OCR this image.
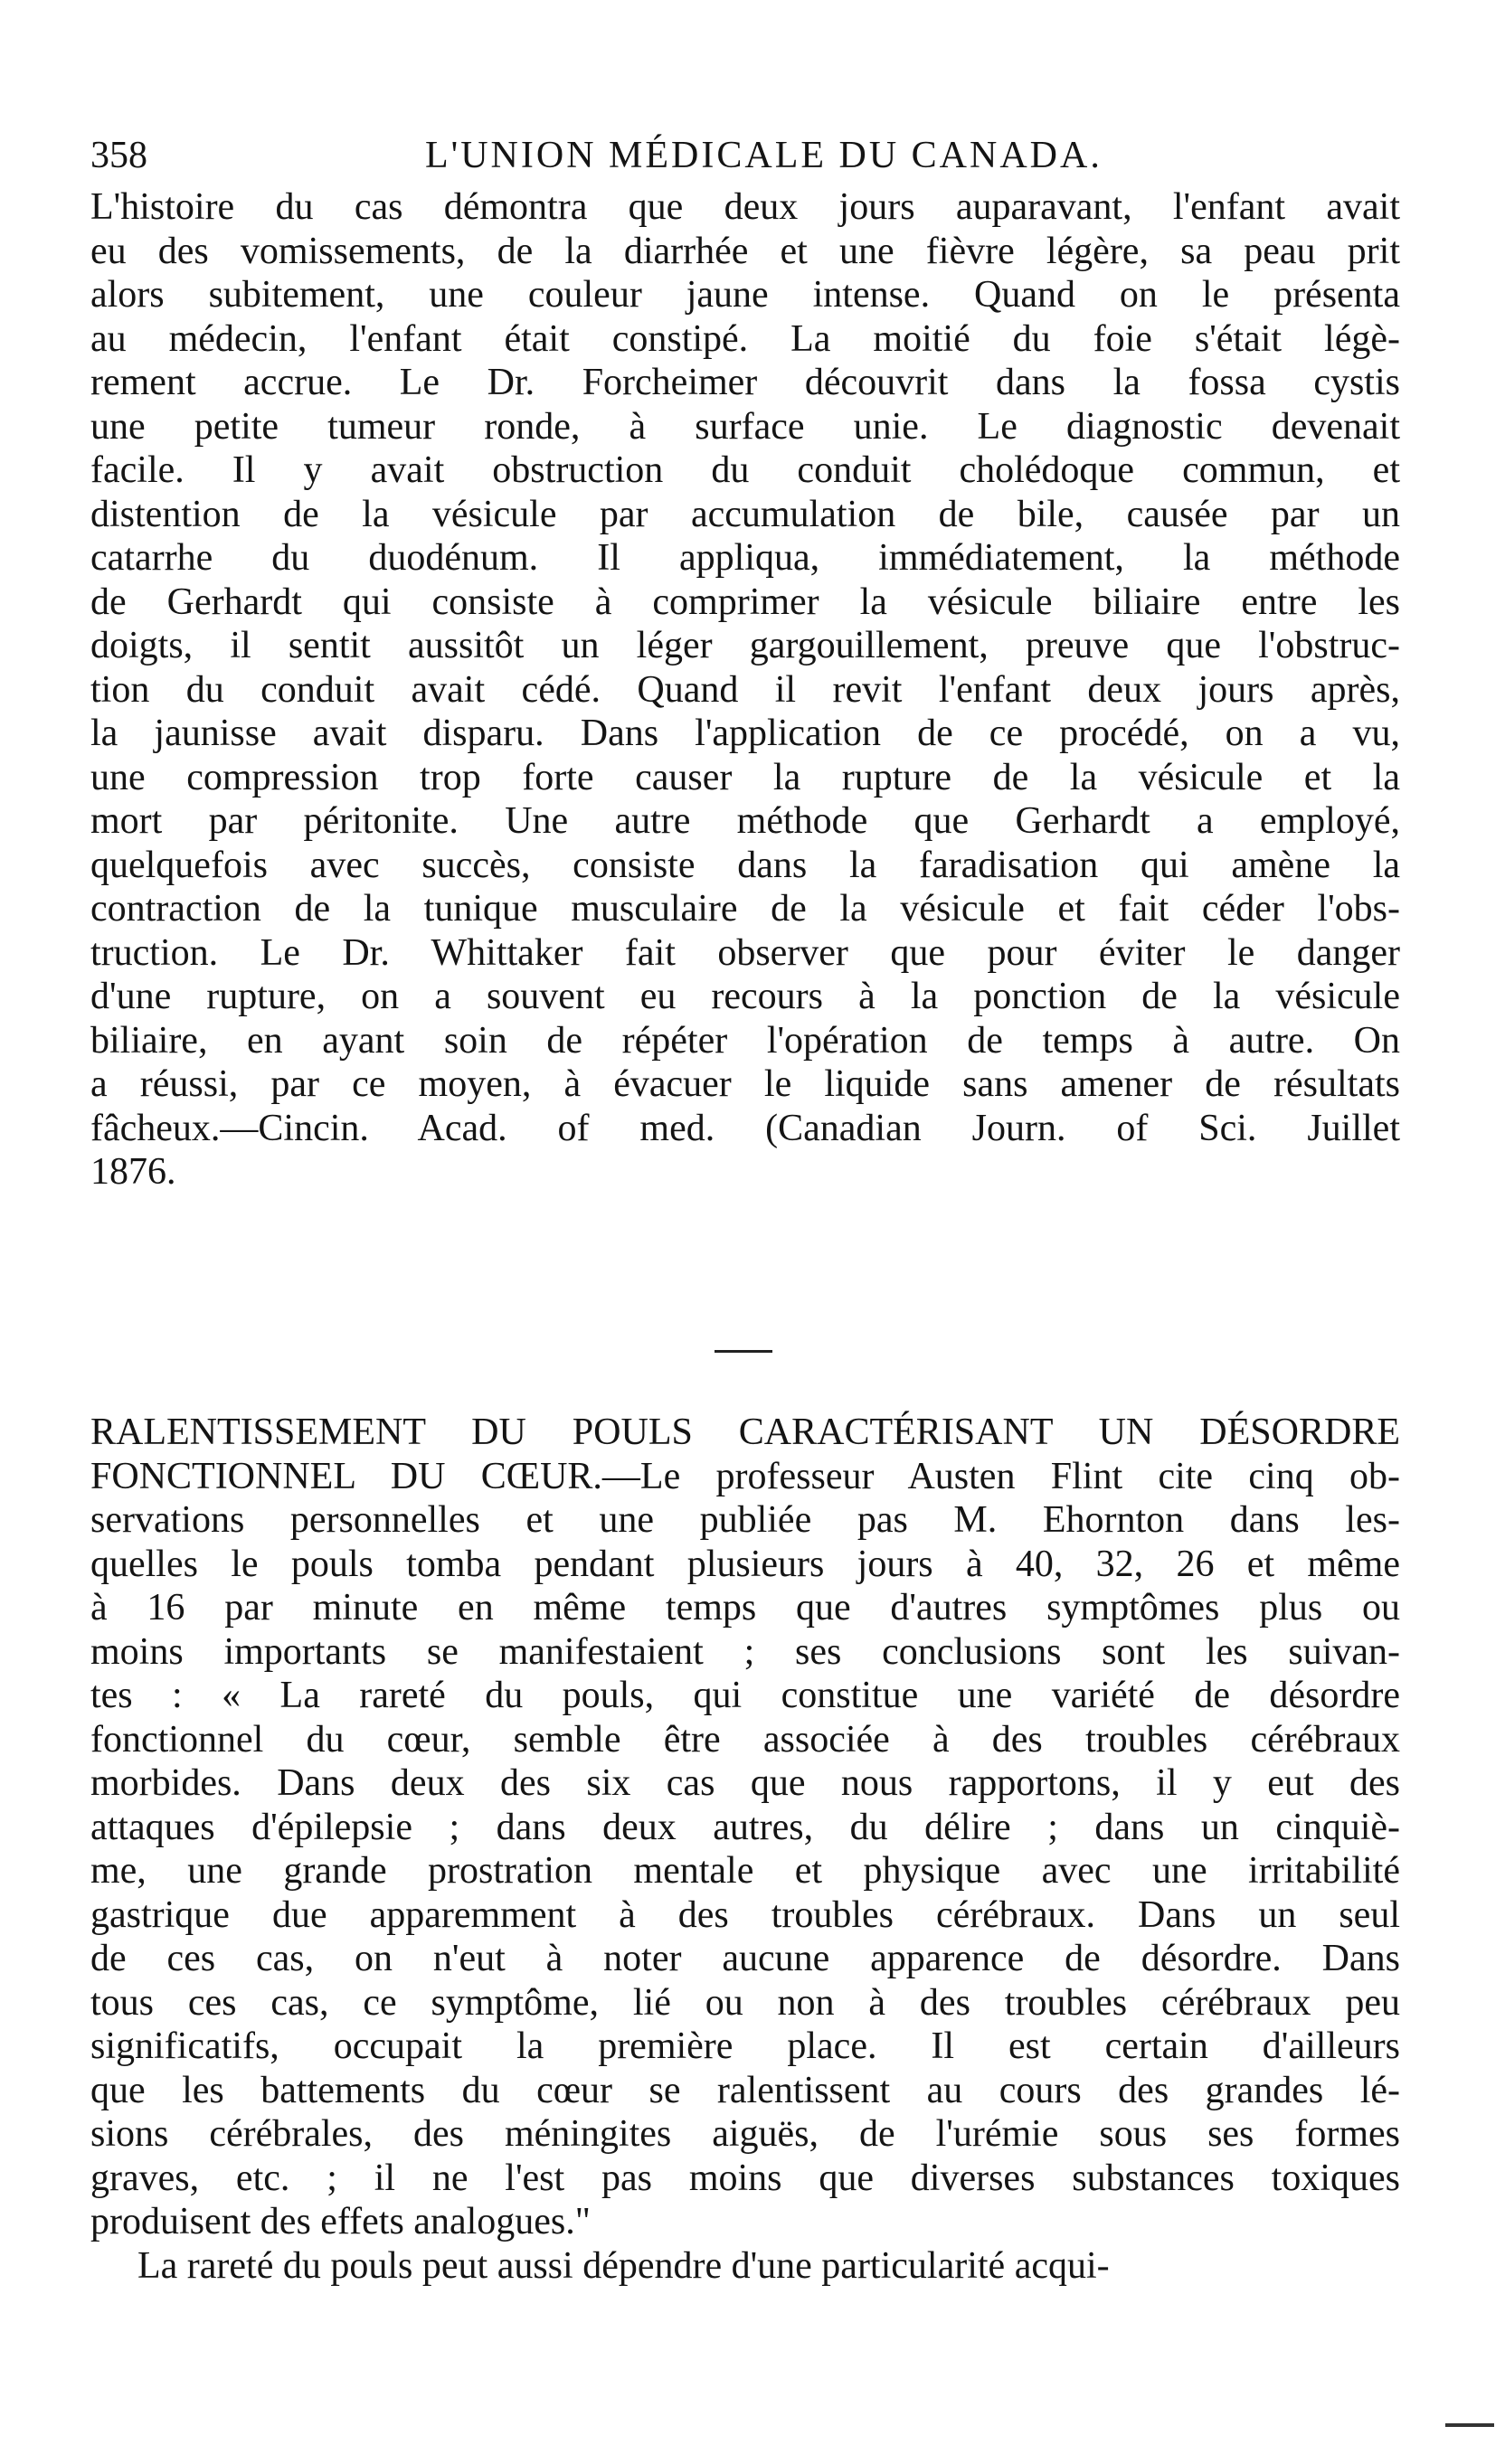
358	L'UNION MÉDICALE DU CANADA.
L'histoire du cas démontra que deux jours auparavant, l'enfant avait
eu des vomissements, de la diarrhée et une fièvre légère, sa peau prit
alors subitement, une couleur jaune intense. Quand on le présenta
au médecin, l'enfant était constipé. La moitié du foie s'était légè-
rement accrue. Le Dr. Forcheimer découvrit dans la fossa cystis
une petite tumeur ronde, à surface unie. Le diagnostic devenait
facile. Il y avait obstruction du conduit cholédoque commun, et
distention de la vésicule par accumulation de bile, causée par un
catarrhe du duodénum. Il appliqua, immédiatement, la méthode
de Gerhardt qui consiste à comprimer la vésicule biliaire entre les
doigts, il sentit aussitôt un léger gargouillement, preuve que l'obstruc-
tion du conduit avait cédé. Quand il revit l'enfant deux jours après,
la jaunisse avait disparu. Dans l'application de ce procédé, on a vu,
une compression trop forte causer la rupture de la vésicule et la
mort par péritonite. Une autre méthode que Gerhardt a employé,
quelquefois avec succès, consiste dans la faradisation qui amène la
contraction de la tunique musculaire de la vésicule et fait céder l'obs-
truction. Le Dr. Whittaker fait observer que pour éviter le danger
d'une rupture, on a souvent eu recours à la ponction de la vésicule
biliaire, en ayant soin de répéter l'opération de temps à autre. On
a réussi, par ce moyen, à évacuer le liquide sans amener de résultats
fâcheux.—Cincin. Acad. of med. (Canadian Journ. of Sci. Juillet
1876.
RALENTISSEMENT DU POULS CARACTÉRISANT UN DÉSORDRE
FONCTIONNEL DU CŒUR.—Le professeur Austen Flint cite cinq ob-
servations personnelles et une publiée pas M. Ehornton dans les-
quelles le pouls tomba pendant plusieurs jours à 40, 32, 26 et même
à 16 par minute en même temps que d'autres symptômes plus ou
moins importants se manifestaient ; ses conclusions sont les suivan-
tes : « La rareté du pouls, qui constitue une variété de désordre
fonctionnel du cœur, semble être associée à des troubles cérébraux
morbides. Dans deux des six cas que nous rapportons, il y eut des
attaques d'épilepsie ; dans deux autres, du délire ; dans un cinquiè-
me, une grande prostration mentale et physique avec une irritabilité
gastrique due apparemment à des troubles cérébraux. Dans un seul
de ces cas, on n'eut à noter aucune apparence de désordre. Dans
tous ces cas, ce symptôme, lié ou non à des troubles cérébraux peu
significatifs, occupait la première place. Il est certain d'ailleurs
que les battements du cœur se ralentissent au cours des grandes lé-
sions cérébrales, des méningites aiguës, de l'urémie sous ses formes
graves, etc. ; il ne l'est pas moins que diverses substances toxiques
produisent des effets analogues."
La rareté du pouls peut aussi dépendre d'une particularité acqui-
